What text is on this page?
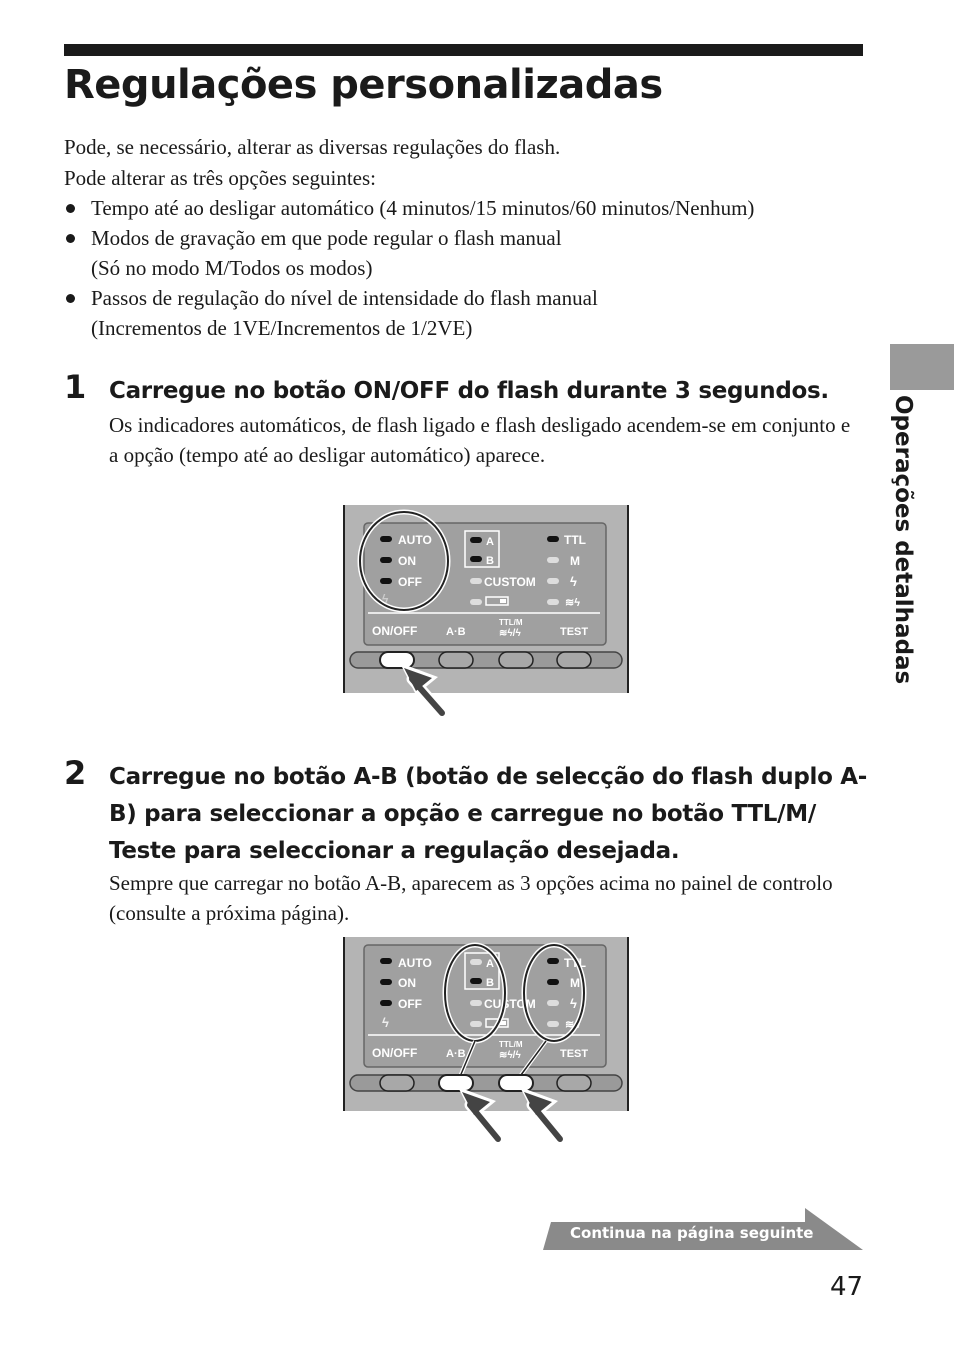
Regulações personalizadas

Pode, se necessário, alterar as diversas regulações do flash.

Pode alterar as três opções seguintes:

Tempo até ao desligar automático (4 minutos/15 minutos/60 minutos/Nenhum)
Modos de gravação em que pode regular o flash manual
(Só no modo M/Todos os modos)
Passos de regulação do nível de intensidade do flash manual
(Incrementos de 1VE/Incrementos de 1/2VE)
Operações detalhadas
1 Carregue no botão ON/OFF do flash durante 3 segundos.

Os indicadores automáticos, de flash ligado e flash desligado acendem-se em conjunto e a opção (tempo até ao desligar automático) aparece.

AUTO
ON
OFF
ϟ
A
B
CUSTOM
TTL
M
ϟ
≋ϟ
ON/OFF	A·B
TTL/M
≋ϟ/ϟ	TEST
2 Carregue no botão A-B (botão de selecção do flash duplo A-B) para seleccionar a opção e carregue no botão TTL/M/ Teste para seleccionar a regulação desejada.

Sempre que carregar no botão A-B, aparecem as 3 opções acima no painel de controlo (consulte a próxima página).

AUTO
ON
OFF
ϟ
A
B
CUSTOM
TTL
M
ϟ
≋ϟ
ON/OFF	A·B
TTL/M
≋ϟ/ϟ	TEST
Continua na página seguinte
47
